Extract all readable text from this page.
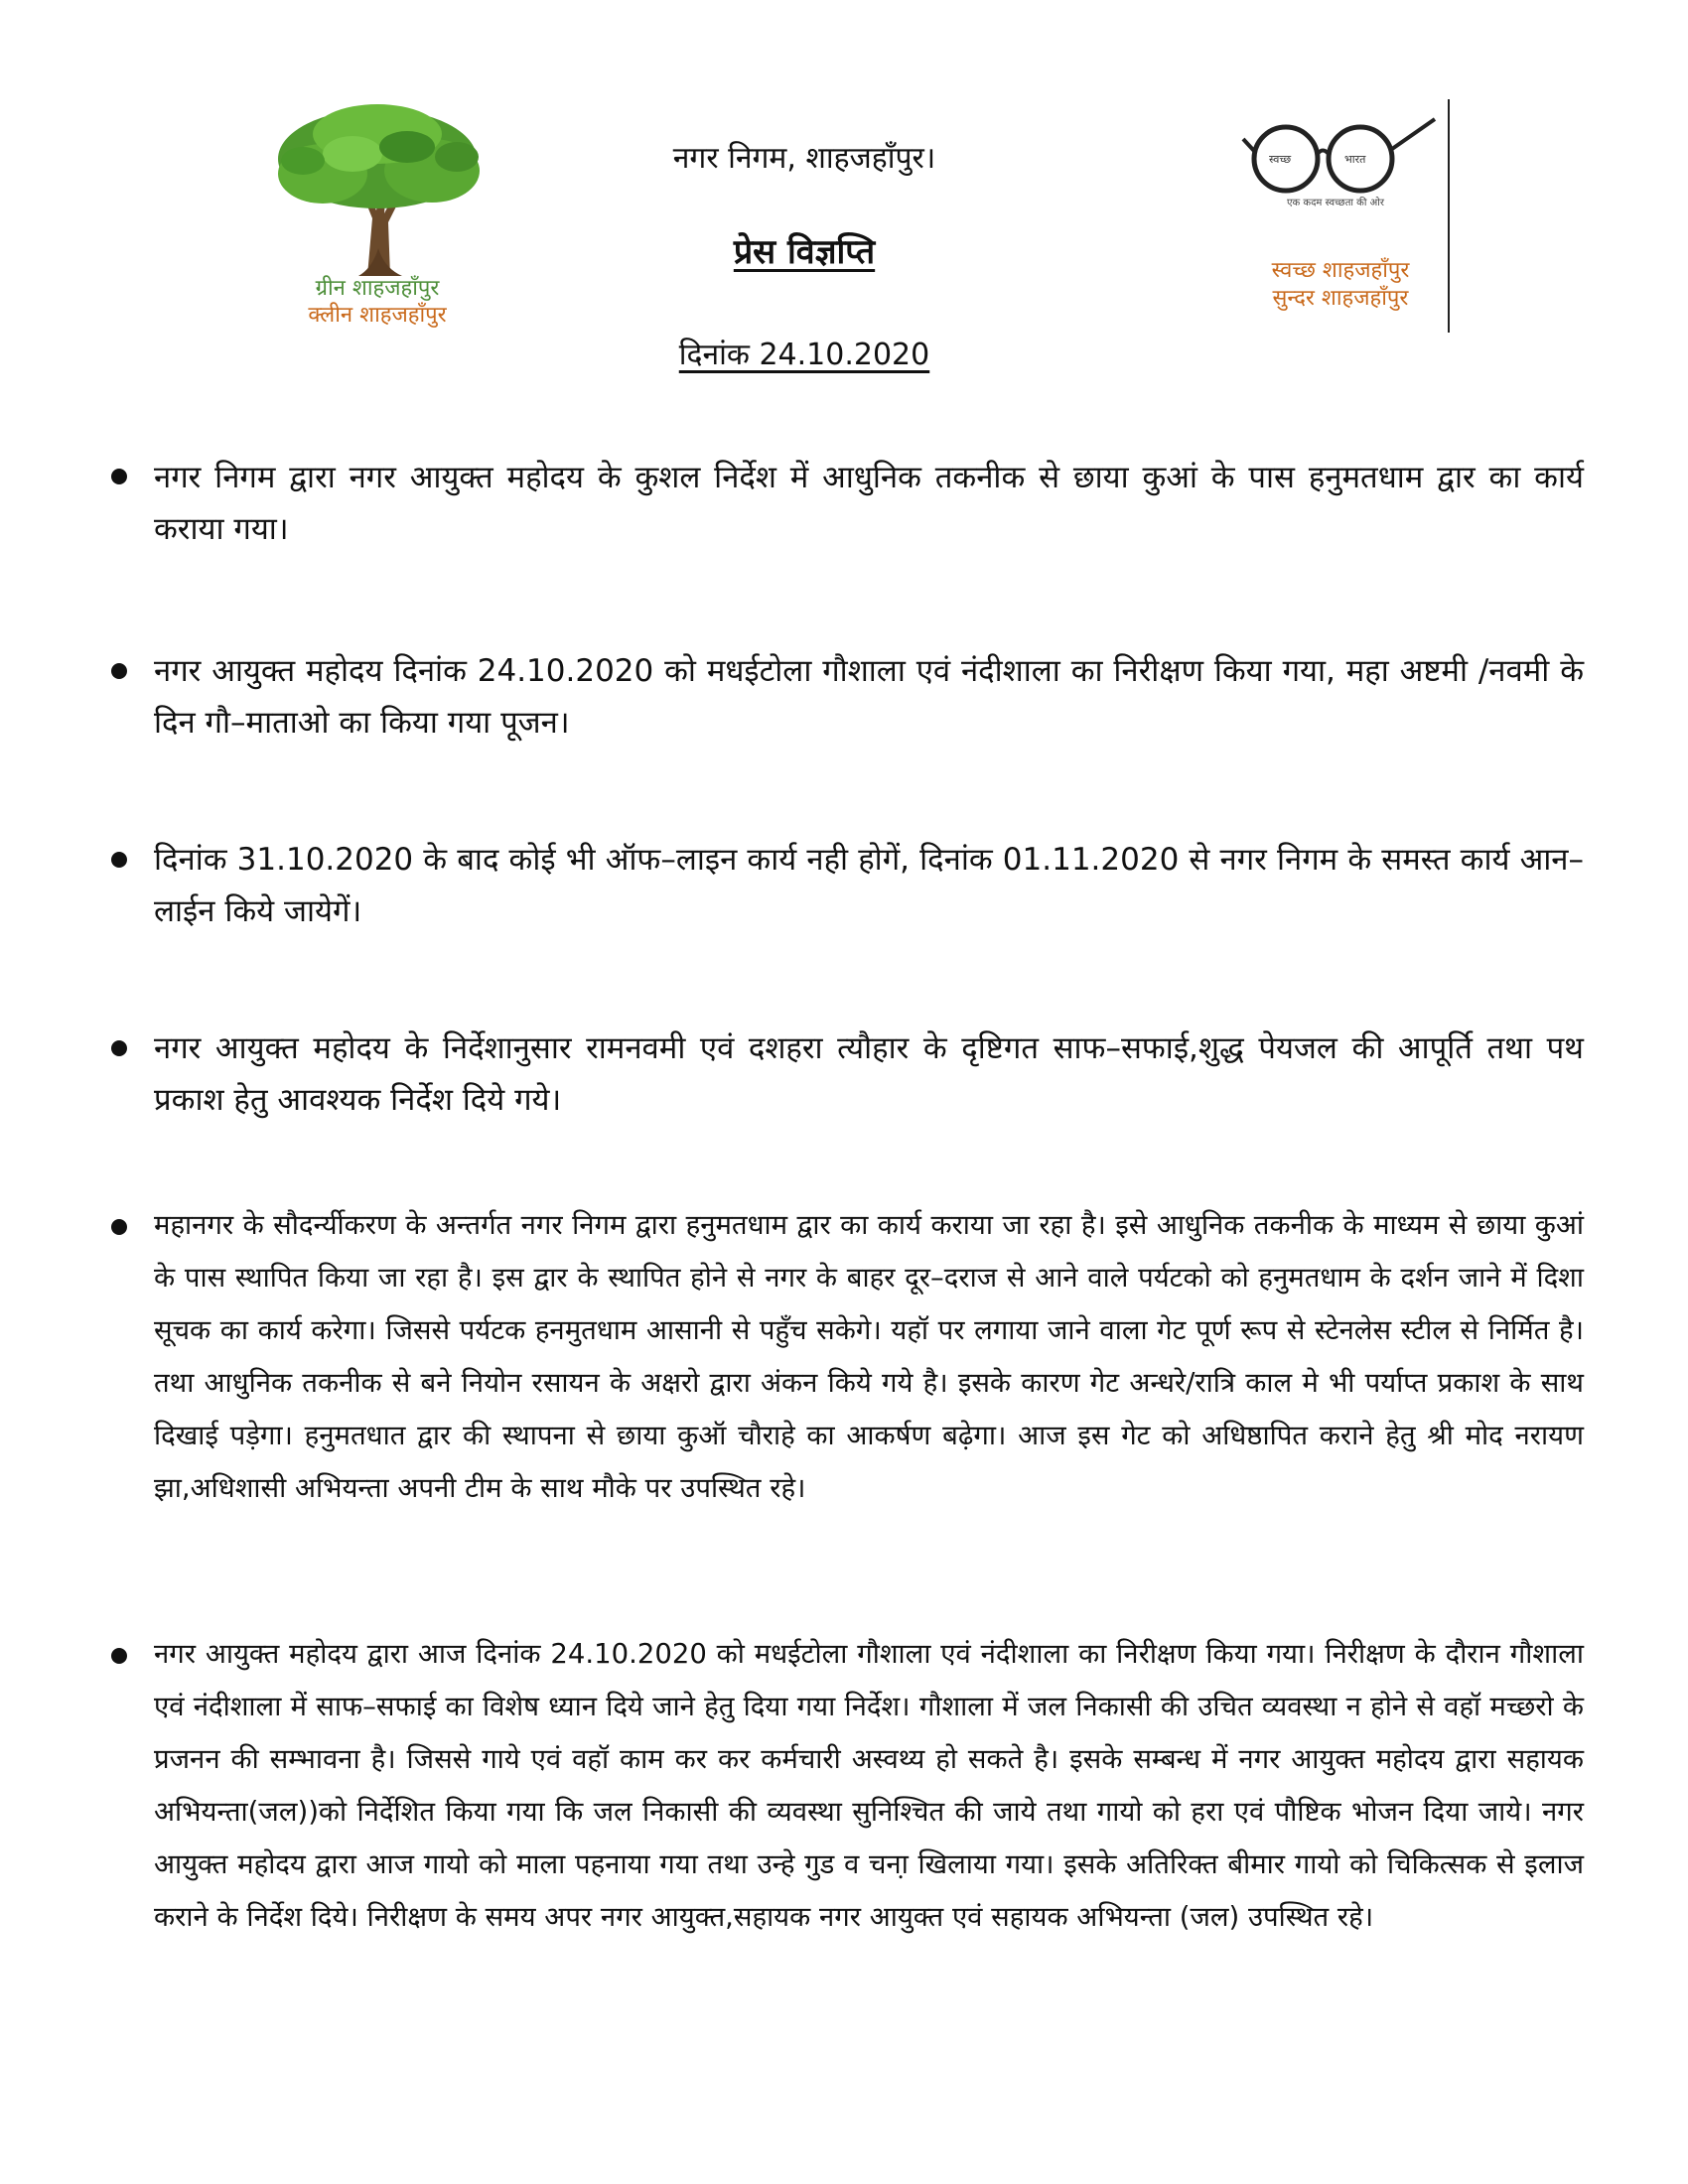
ग्रीन शाहजहाँपुर
क्लीन शाहजहाँपुर
नगर निगम, शाहजहाँपुर।
प्रेस विज्ञप्ति
दिनांक 24.10.2020
स्वच्छ	भारत
एक कदम स्वच्छता की ओर
स्वच्छ शाहजहाँपुर
सुन्दर शाहजहाँपुर
नगर निगम द्वारा नगर आयुक्त महोदय के कुशल निर्देश में आधुनिक तकनीक से छाया कुआं के पास हनुमतधाम द्वार का कार्य कराया गया।
नगर आयुक्त महोदय दिनांक 24.10.2020 को मधईटोला गौशाला एवं नंदीशाला का निरीक्षण किया गया, महा अष्टमी /नवमी के दिन गौ–माताओ का किया गया पूजन।
दिनांक 31.10.2020 के बाद कोई भी ऑफ–लाइन कार्य नही होगें, दिनांक 01.11.2020 से नगर निगम के समस्त कार्य आन–लाईन किये जायेगें।
नगर आयुक्त महोदय के निर्देशानुसार रामनवमी एवं दशहरा त्यौहार के दृष्टिगत साफ–सफाई,शुद्ध पेयजल की आपूर्ति तथा पथ प्रकाश हेतु आवश्यक निर्देश दिये गये।
महानगर के सौदर्न्यीकरण के अन्तर्गत नगर निगम द्वारा हनुमतधाम द्वार का कार्य कराया जा रहा है। इसे आधुनिक तकनीक के माध्यम से छाया कुआं के पास स्थापित किया जा रहा है। इस द्वार के स्थापित होने से नगर के बाहर दूर–दराज से आने वाले पर्यटको को हनुमतधाम के दर्शन जाने में दिशा सूचक का कार्य करेगा। जिससे पर्यटक हनमुतधाम आसानी से पहुँच सकेगे। यहॉ पर लगाया जाने वाला गेट पूर्ण रूप से स्टेनलेस स्टील से निर्मित है। तथा आधुनिक तकनीक से बने नियोन रसायन के अक्षरो द्वारा अंकन किये गये है। इसके कारण गेट अन्धरे/रात्रि काल मे भी पर्याप्त प्रकाश के साथ दिखाई पड़ेगा। हनुमतधात द्वार की स्थापना से छाया कुऑ चौराहे का आकर्षण बढ़ेगा। आज इस गेट को अधिष्ठापित कराने हेतु श्री मोद नरायण झा,अधिशासी अभियन्ता अपनी टीम के साथ मौके पर उपस्थित रहे।
नगर आयुक्त महोदय द्वारा आज दिनांक 24.10.2020 को मधईटोला गौशाला एवं नंदीशाला का निरीक्षण किया गया। निरीक्षण के दौरान गौशाला एवं नंदीशाला में साफ–सफाई का विशेष ध्यान दिये जाने हेतु दिया गया निर्देश। गौशाला में जल निकासी की उचित व्यवस्था न होने से वहॉ मच्छरो के प्रजनन की सम्भावना है। जिससे गाये एवं वहॉ काम कर कर कर्मचारी अस्वथ्य हो सकते है। इसके सम्बन्ध में नगर आयुक्त महोदय द्वारा सहायक अभियन्ता(जल))को निर्देशित किया गया कि जल निकासी की व्यवस्था सुनिश्चित की जाये तथा गायो को हरा एवं पौष्टिक भोजन दिया जाये। नगर आयुक्त महोदय द्वारा आज गायो को माला पहनाया गया तथा उन्हे गुड व चना़ खिलाया गया। इसके अतिरिक्त बीमार गायो को चिकित्सक से इलाज कराने के निर्देश दिये। निरीक्षण के समय अपर नगर आयुक्त,सहायक नगर आयुक्त एवं सहायक अभियन्ता (जल) उपस्थित रहे।
